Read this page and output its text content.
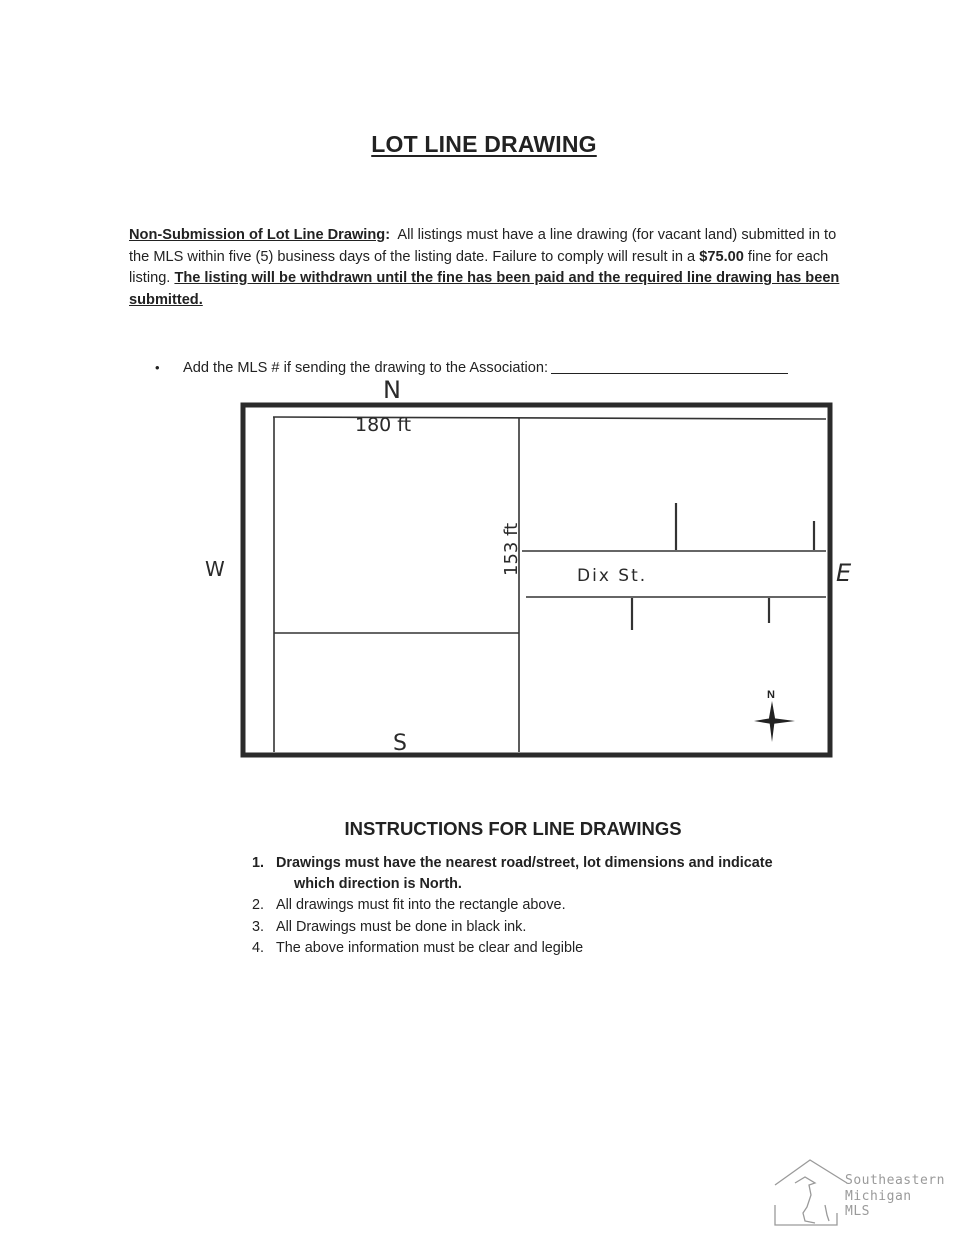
LOT LINE DRAWING
Non-Submission of Lot Line Drawing: All listings must have a line drawing (for vacant land) submitted in to the MLS within five (5) business days of the listing date. Failure to comply will result in a $75.00 fine for each listing. The listing will be withdrawn until the fine has been paid and the required line drawing has been submitted.
• Add the MLS # if sending the drawing to the Association:
N
S
W	E
180 ft
153 ft	Dix St.
N
INSTRUCTIONS FOR LINE DRAWINGS
1. Drawings must have the nearest road/street, lot dimensions and indicate
which direction is North.
2. All drawings must fit into the rectangle above.
3. All Drawings must be done in black ink.
4. The above information must be clear and legible
Southeastern
Michigan
MLS
